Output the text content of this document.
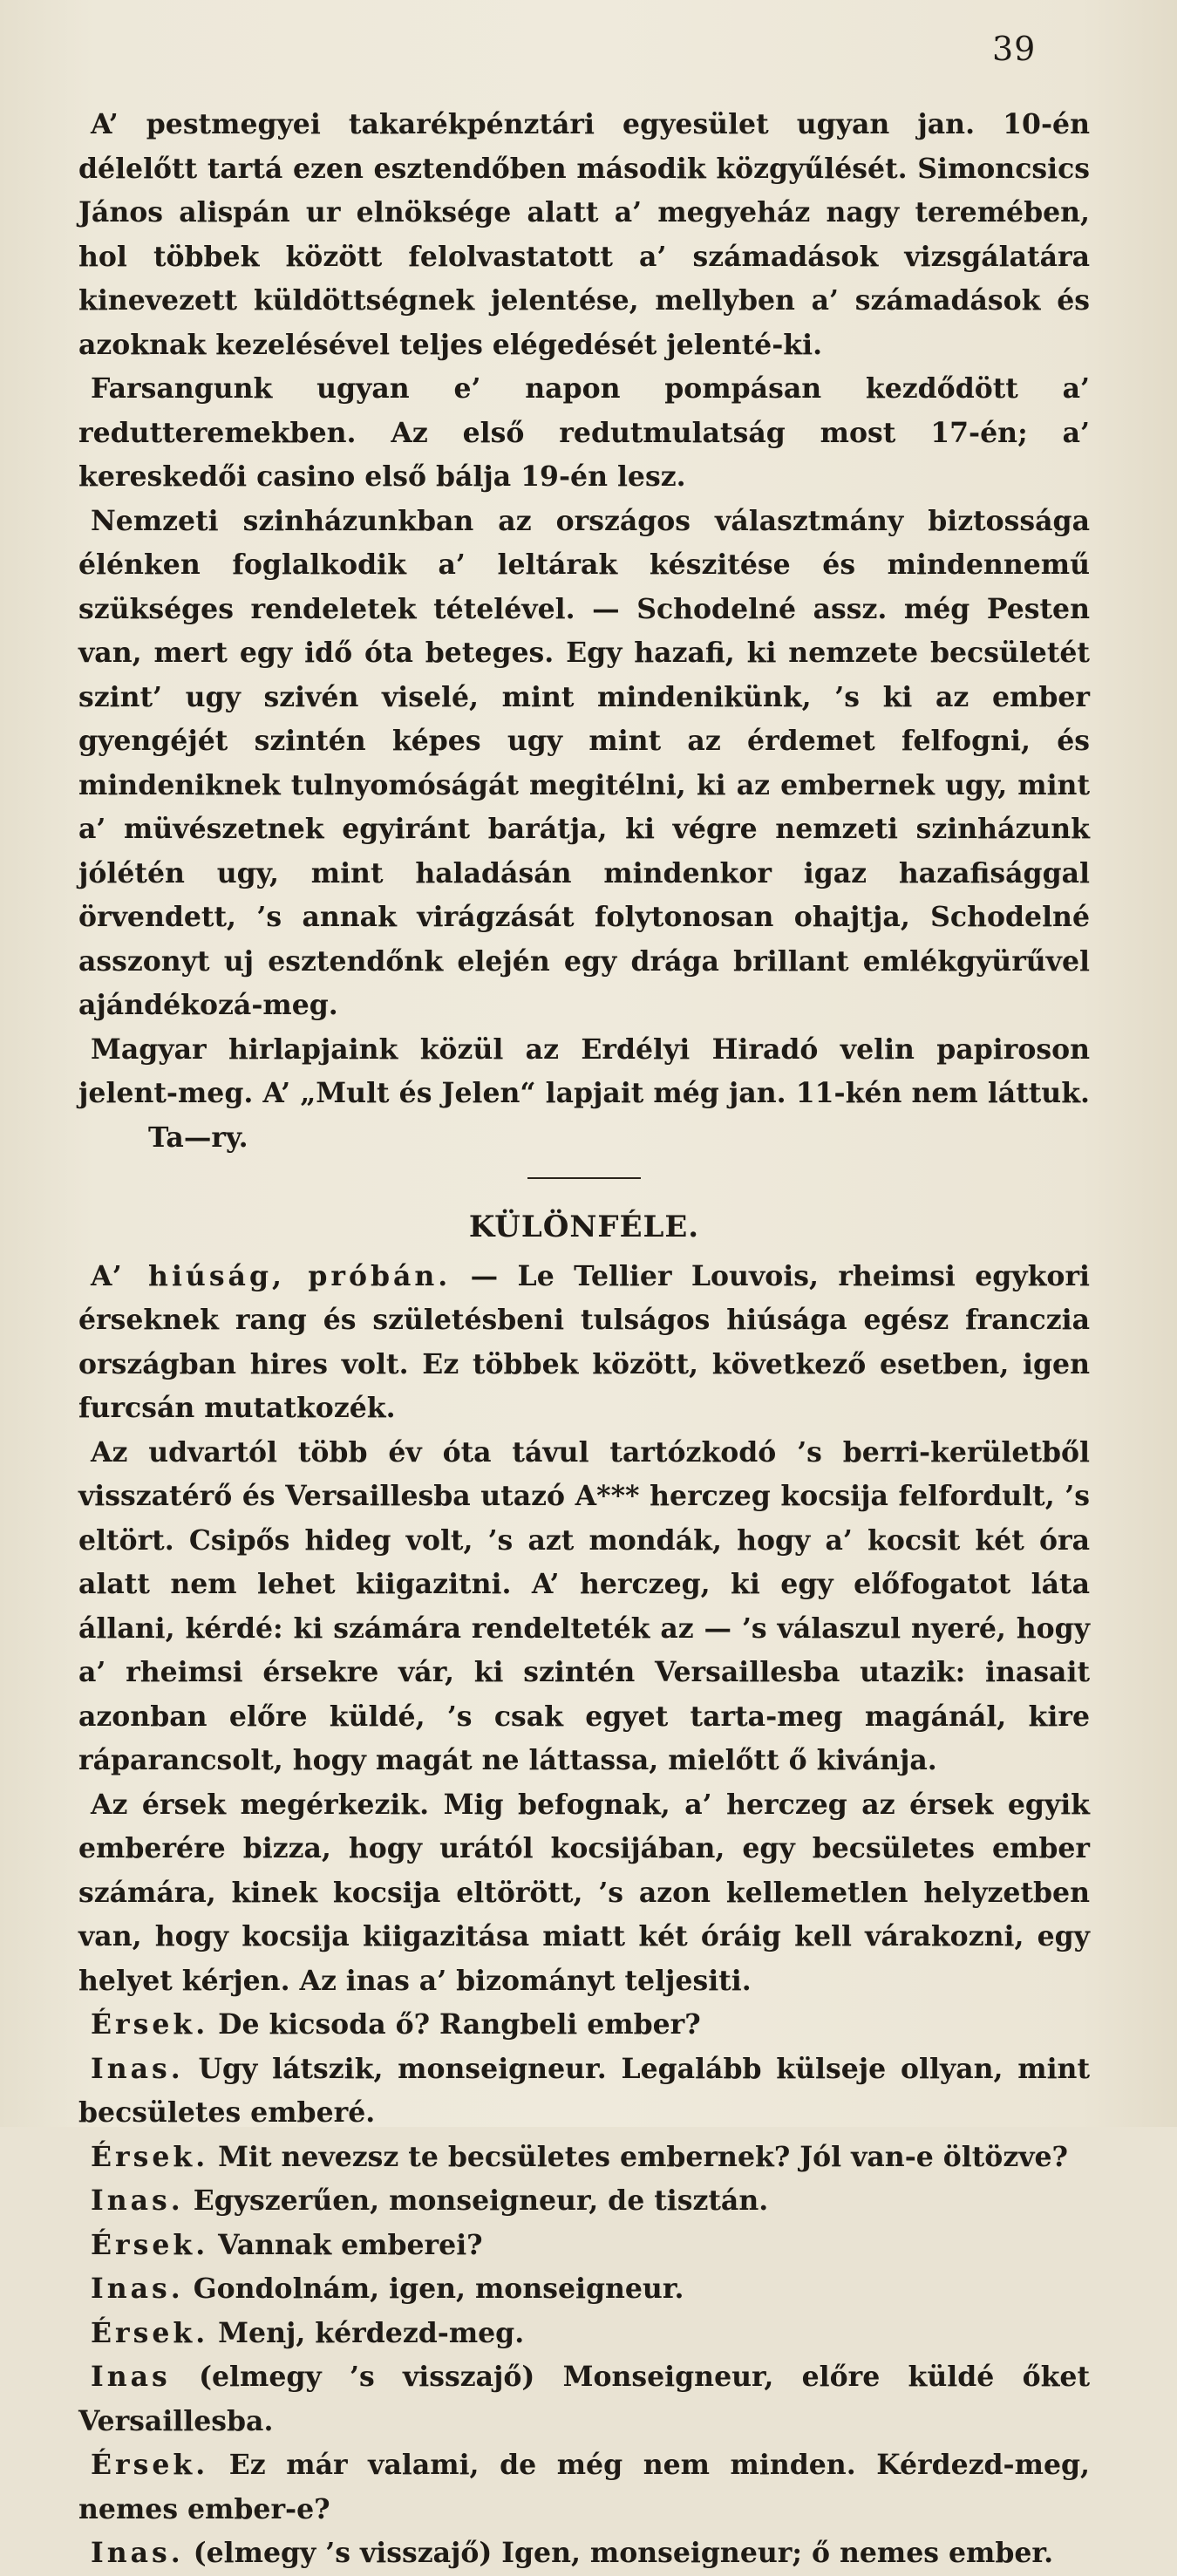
39

A’ pestmegyei takarékpénztári egyesület ugyan jan. 10-én délelőtt tartá ezen esztendőben második közgyűlését. Simoncsics János alispán ur elnöksége alatt a’ megyeház nagy teremében, hol többek között felolvastatott a’ számadások vizsgálatára kinevezett küldöttségnek jelentése, mellyben a’ számadások és azoknak kezelésével teljes elégedését jelenté-ki.

Farsangunk ugyan e’ napon pompásan kezdődött a’ redutteremekben. Az első redutmulatság most 17-én; a’ kereskedői casino első bálja 19-én lesz.

Nemzeti szinházunkban az országos választmány biztossága élénken foglalkodik a’ leltárak készitése és mindennemű szükséges rendeletek tételével. — Schodelné assz. még Pesten van, mert egy idő óta beteges. Egy hazafi, ki nemzete becsületét szint’ ugy szivén viselé, mint mindenikünk, ’s ki az ember gyengéjét szintén képes ugy mint az érdemet felfogni, és mindeniknek tulnyomóságát megitélni, ki az embernek ugy, mint a’ müvészetnek egyiránt barátja, ki végre nemzeti szinházunk jólétén ugy, mint haladásán mindenkor igaz hazafisággal örvendett, ’s annak virágzását folytonosan ohajtja, Schodelné asszonyt uj esztendőnk elején egy drága brillant emlékgyürűvel ajándékozá-meg.

Magyar hirlapjaink közül az Erdélyi Hiradó velin papiroson jelent-meg. A’ „Mult és Jelen“ lapjait még jan. 11-kén nem láttuk. Ta—ry.

KÜLÖNFÉLE.

A’ hiúság, próbán. — Le Tellier Louvois, rheimsi egykori érseknek rang és születésbeni tulságos hiúsága egész franczia országban hires volt. Ez többek között, következő esetben, igen furcsán mutatkozék.

Az udvartól több év óta távul tartózkodó ’s berri-kerületből visszatérő és Versaillesba utazó A*** herczeg kocsija felfordult, ’s eltört. Csipős hideg volt, ’s azt mondák, hogy a’ kocsit két óra alatt nem lehet kiigazitni. A’ herczeg, ki egy előfogatot láta állani, kérdé: ki számára rendelteték az — ’s válaszul nyeré, hogy a’ rheimsi érsekre vár, ki szintén Versaillesba utazik: inasait azonban előre küldé, ’s csak egyet tarta-meg magánál, kire ráparancsolt, hogy magát ne láttassa, mielőtt ő kivánja.

Az érsek megérkezik. Mig befognak, a’ herczeg az érsek egyik emberére bizza, hogy urától kocsijában, egy becsületes ember számára, kinek kocsija eltörött, ’s azon kellemetlen helyzetben van, hogy kocsija kiigazitása miatt két óráig kell várakozni, egy helyet kérjen. Az inas a’ bizományt teljesiti.

Érsek. De kicsoda ő? Rangbeli ember?

Inas. Ugy látszik, monseigneur. Legalább külseje ollyan, mint becsületes emberé.

Érsek. Mit nevezsz te becsületes embernek? Jól van-e öltözve?

Inas. Egyszerűen, monseigneur, de tisztán.

Érsek. Vannak emberei?

Inas. Gondolnám, igen, monseigneur.

Érsek. Menj, kérdezd-meg.

Inas (elmegy ’s visszajő) Monseigneur, előre küldé őket Versaillesba.

Érsek. Ez már valami, de még nem minden. Kérdezd-meg, nemes ember-e?

Inas. (elmegy ’s visszajő) Igen, monseigneur; ő nemes ember.
